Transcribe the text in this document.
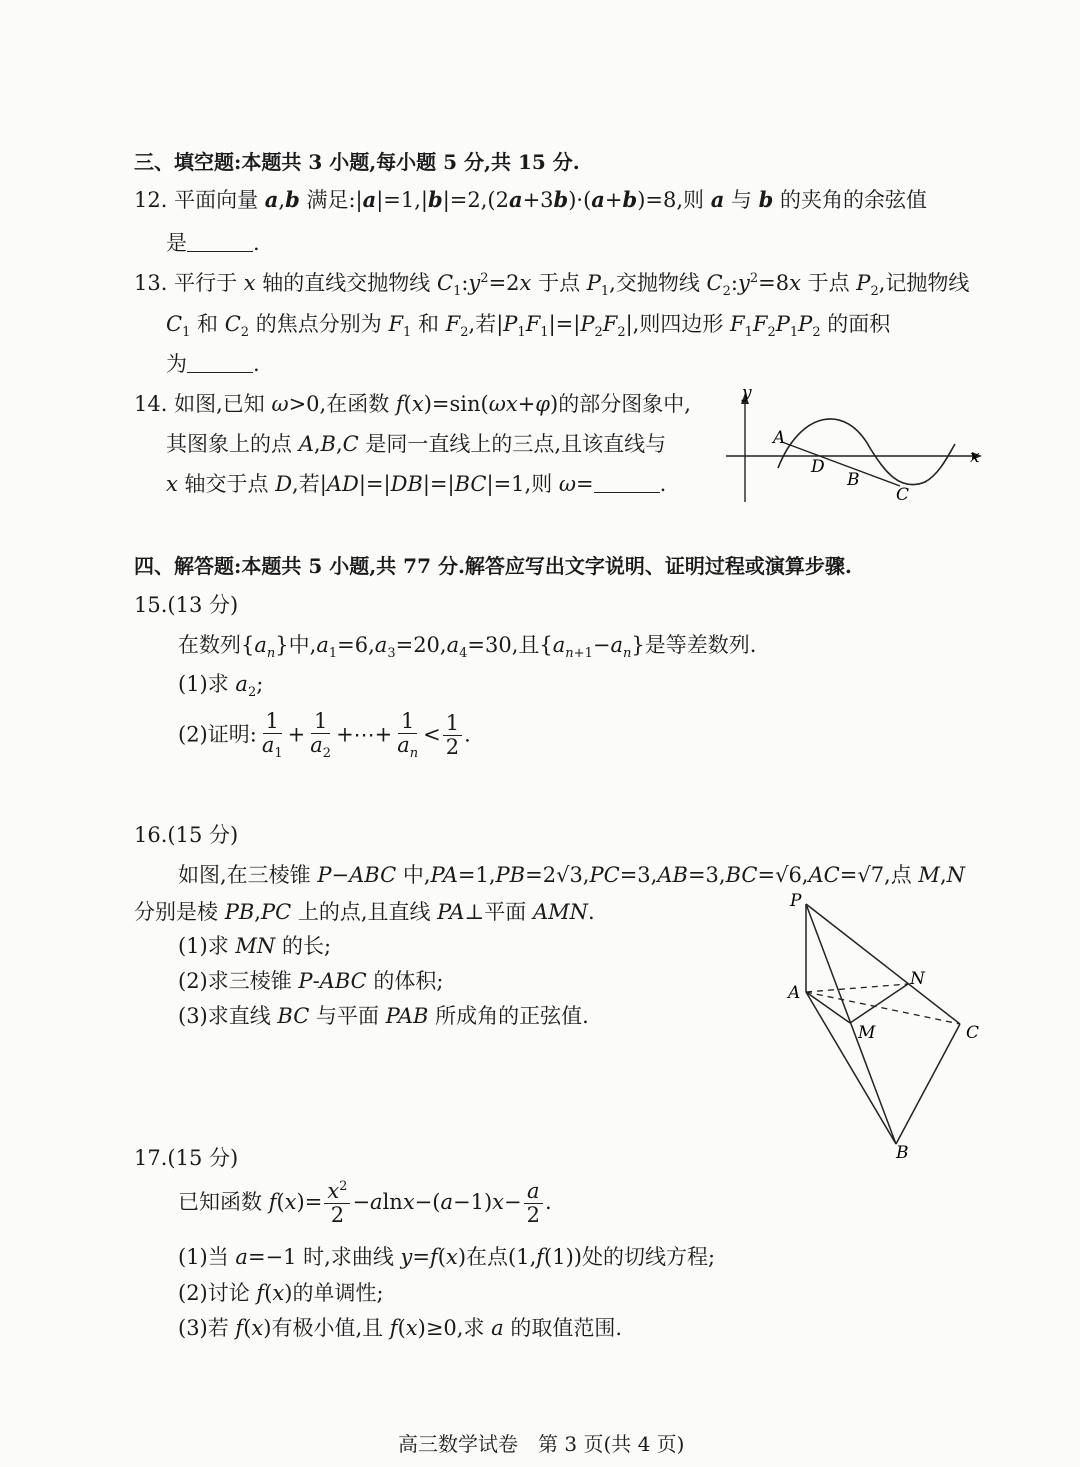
三、填空题:本题共 3 小题,每小题 5 分,共 15 分.
12. 平面向量 a,b 满足:|a|=1,|b|=2,(2a+3b)·(a+b)=8,则 a 与 b 的夹角的余弦值
是	.
13. 平行于 x 轴的直线交抛物线 $C_1:y^2=2x$ 于点 $P_1$,交抛物线 $C_2:y^2=8x$ 于点 $P_2$,记抛物线
$C_1$ 和 $C_2$ 的焦点分别为 $F_1$ 和 $F_2$,若$|P_1F_1|=|P_2F_2|$,则四边形 $F_1F_2P_1P_2$ 的面积
为	.
14. 如图,已知 ω>0,在函数 f(x)=sin(ωx+φ)的部分图象中,
其图象上的点 A,B,C 是同一直线上的三点,且该直线与
x 轴交于点 D,若|AD|=|DB|=|BC|=1,则 ω=	.
y
x
A
D
B
C
四、解答题:本题共 5 小题,共 77 分.解答应写出文字说明、证明过程或演算步骤.
15.(13 分)
在数列$\{a_n\}$中$,a_1=6,a_3=20,a_4=30$,且$\{a_{n+1}-a_n\}$是等差数列.
(1)求 $a_2$;
(2)证明: $\frac{1}{a_1} + \frac{1}{a_2}$ +⋯+ $\frac{1}{a_n} < \frac{1}{2}$ .
16.(15 分)
如图,在三棱锥 P−ABC 中,PA=1,PB=2√3,PC=3,AB=3,BC=√6,AC=√7,点 M,N
分别是棱 PB,PC 上的点,且直线 PA⊥平面 AMN.
(1)求 MN 的长;
(2)求三棱锥 P-ABC 的体积;
(3)求直线 BC 与平面 PAB 所成角的正弦值.
P
A
N
M	C
B
17.(15 分)
已知函数 $f(x)= \frac{x^2}{2} -alnx-(a-1)x- \frac{a}{2}$ .
(1)当 a=−1 时,求曲线 y=f(x)在点(1,f(1))处的切线方程;
(2)讨论 f(x)的单调性;
(3)若 f(x)有极小值,且 f(x)≥0,求 a 的取值范围.
高三数学试卷　第 3 页(共 4 页)
